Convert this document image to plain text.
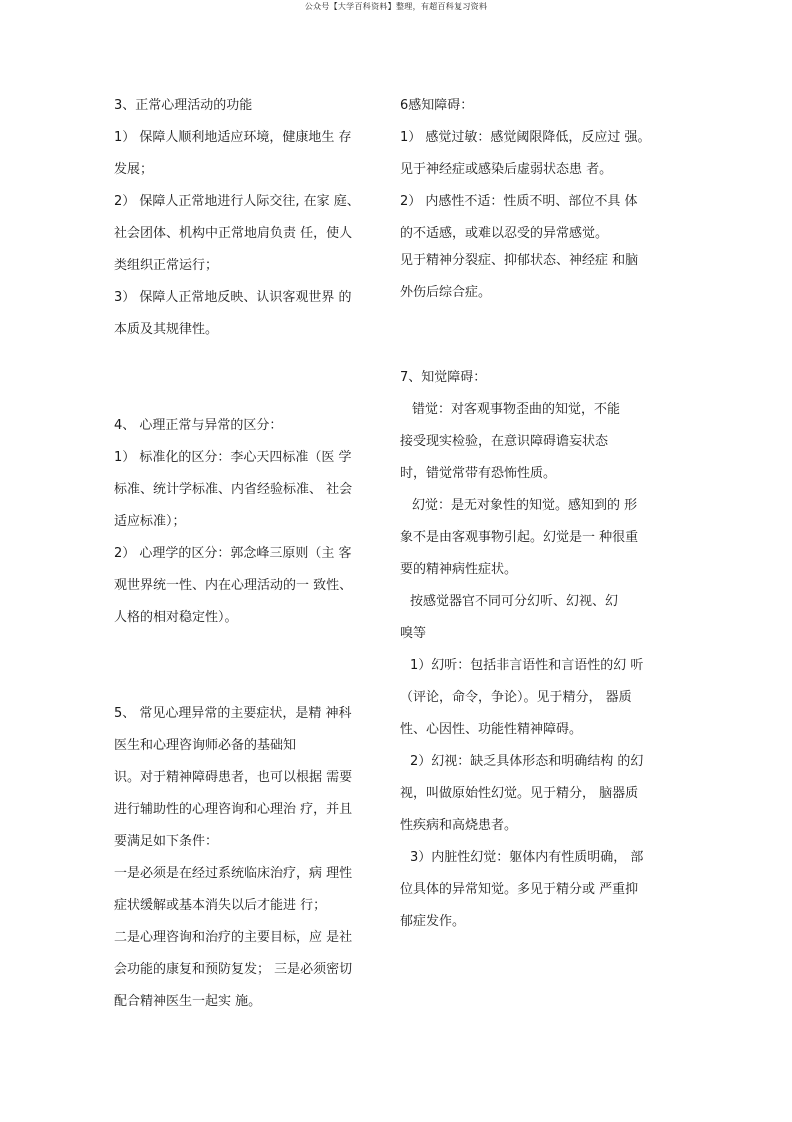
公众号【大学百科资料】整理，有超百科复习资料
3、正常心理活动的功能
1） 保障人顺利地适应环境，健康地生 存
发展；
2） 保障人正常地进行人际交往, 在家 庭、
社会团体、机构中正常地肩负责 任，使人
类组织正常运行；
3） 保障人正常地反映、认识客观世界 的
本质及其规律性。
4、 心理正常与异常的区分：
1） 标准化的区分：李心天四标准（医 学
标准、统计学标准、内省经验标准、 社会
适应标准）；
2） 心理学的区分：郭念峰三原则（主 客
观世界统一性、内在心理活动的一 致性、
人格的相对稳定性）。
5、 常见心理异常的主要症状，是精 神科
医生和心理咨询师必备的基础知
识。对于精神障碍患者，也可以根据 需要
进行辅助性的心理咨询和心理治 疗，并且
要满足如下条件：
一是必须是在经过系统临床治疗，病 理性
症状缓解或基本消失以后才能进 行；
二是心理咨询和治疗的主要目标，应 是社
会功能的康复和预防复发； 三是必须密切
配合精神医生一起实 施。
6感知障碍：
1） 感觉过敏：感觉阈限降低，反应过 强。
见于神经症或感染后虚弱状态患 者。
2） 内感性不适：性质不明、部位不具 体
的不适感，或难以忍受的异常感觉。
见于精神分裂症、抑郁状态、神经症 和脑
外伤后综合症。
7、知觉障碍：
错觉：对客观事物歪曲的知觉，不能
接受现实检验，在意识障碍谵妄状态
时，错觉常带有恐怖性质。
幻觉：是无对象性的知觉。感知到的 形
象不是由客观事物引起。幻觉是一 种很重
要的精神病性症状。
按感觉器官不同可分幻听、幻视、幻
嗅等
1）幻听：包括非言语性和言语性的幻 听
（评论，命令，争论）。见于精分， 器质
性、心因性、功能性精神障碍。
2）幻视：缺乏具体形态和明确结构 的幻
视，叫做原始性幻觉。见于精分， 脑器质
性疾病和高烧患者。
3）内脏性幻觉：躯体内有性质明确， 部
位具体的异常知觉。多见于精分或 严重抑
郁症发作。
